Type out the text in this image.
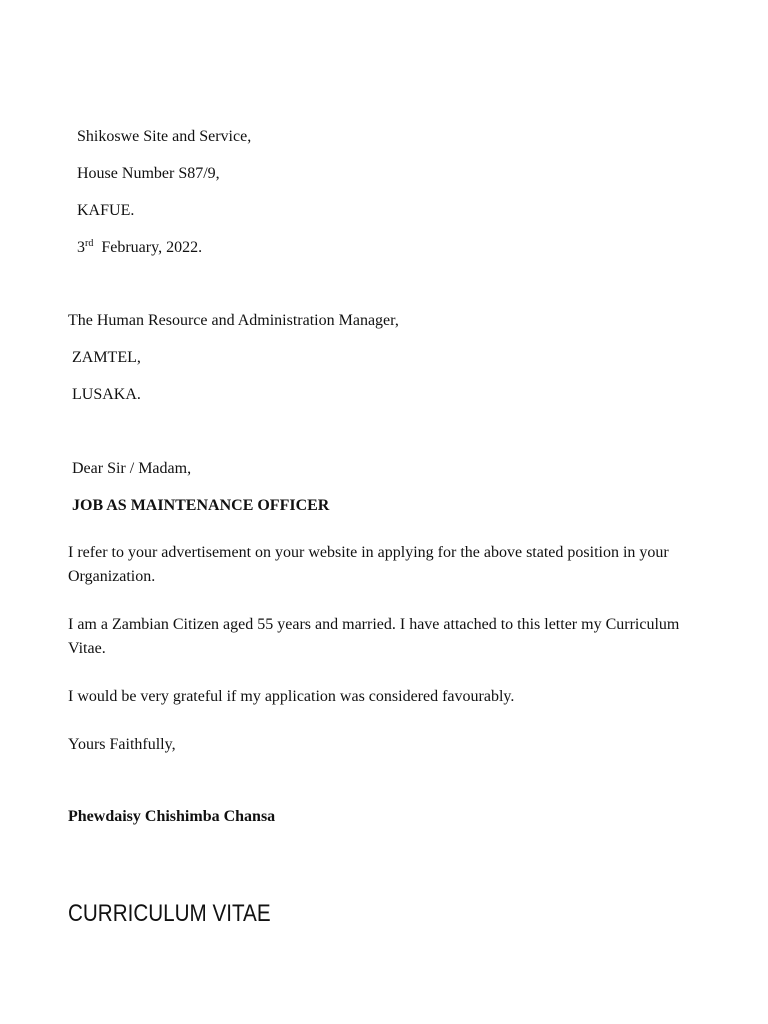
Shikoswe Site and Service,
House Number S87/9,
KAFUE.
3rd February, 2022.
The Human Resource and Administration Manager,
ZAMTEL,
LUSAKA.
Dear Sir / Madam,
JOB AS MAINTENANCE OFFICER
I refer to your advertisement on your website in applying for the above stated position in your Organization.
I am a Zambian Citizen aged 55 years and married. I have attached to this letter my Curriculum Vitae.
I would be very grateful if my application was considered favourably.
Yours Faithfully,
Phewdaisy Chishimba Chansa
CURRICULUM VITAE
